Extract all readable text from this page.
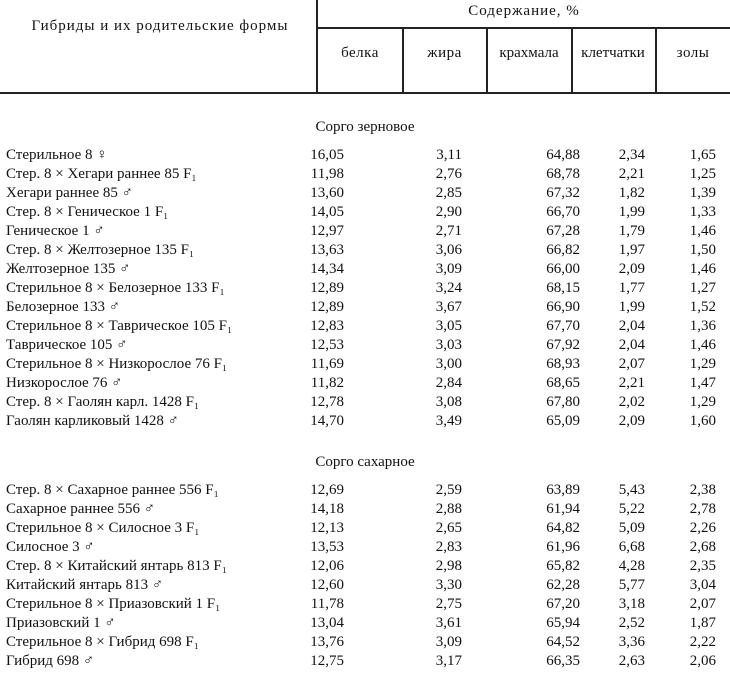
Гибриды и их родительские формы
Содержание, %
белка	жира	крахмала	клетчатки	золы
Сорго зерновое
Стерильное 8 ♀	16,05	3,11	64,88	2,34	1,65
Стер. 8 × Хегари раннее 85 F₁	11,98	2,76	68,78	2,21	1,25
Хегари раннее 85 ♂	13,60	2,85	67,32	1,82	1,39
Стер. 8 × Геническое 1 F₁	14,05	2,90	66,70	1,99	1,33
Геническое 1 ♂	12,97	2,71	67,28	1,79	1,46
Стер. 8 × Желтозерное 135 F₁	13,63	3,06	66,82	1,97	1,50
Желтозерное 135 ♂	14,34	3,09	66,00	2,09	1,46
Стерильное 8 × Белозерное 133 F₁	12,89	3,24	68,15	1,77	1,27
Белозерное 133 ♂	12,89	3,67	66,90	1,99	1,52
Стерильное 8 × Таврическое 105 F₁	12,83	3,05	67,70	2,04	1,36
Таврическое 105 ♂	12,53	3,03	67,92	2,04	1,46
Стерильное 8 × Низкорослое 76 F₁	11,69	3,00	68,93	2,07	1,29
Низкорослое 76 ♂	11,82	2,84	68,65	2,21	1,47
Стер. 8 × Гаолян карл. 1428 F₁	12,78	3,08	67,80	2,02	1,29
Гаолян карликовый 1428 ♂	14,70	3,49	65,09	2,09	1,60
Сорго сахарное
Стер. 8 × Сахарное раннее 556 F₁	12,69	2,59	63,89	5,43	2,38
Сахарное раннее 556 ♂	14,18	2,88	61,94	5,22	2,78
Стерильное 8 × Силосное 3 F₁	12,13	2,65	64,82	5,09	2,26
Силосное 3 ♂	13,53	2,83	61,96	6,68	2,68
Стер. 8 × Китайский янтарь 813 F₁	12,06	2,98	65,82	4,28	2,35
Китайский янтарь 813 ♂	12,60	3,30	62,28	5,77	3,04
Стерильное 8 × Приазовский 1 F₁	11,78	2,75	67,20	3,18	2,07
Приазовский 1 ♂	13,04	3,61	65,94	2,52	1,87
Стерильное 8 × Гибрид 698 F₁	13,76	3,09	64,52	3,36	2,22
Гибрид 698 ♂	12,75	3,17	66,35	2,63	2,06
